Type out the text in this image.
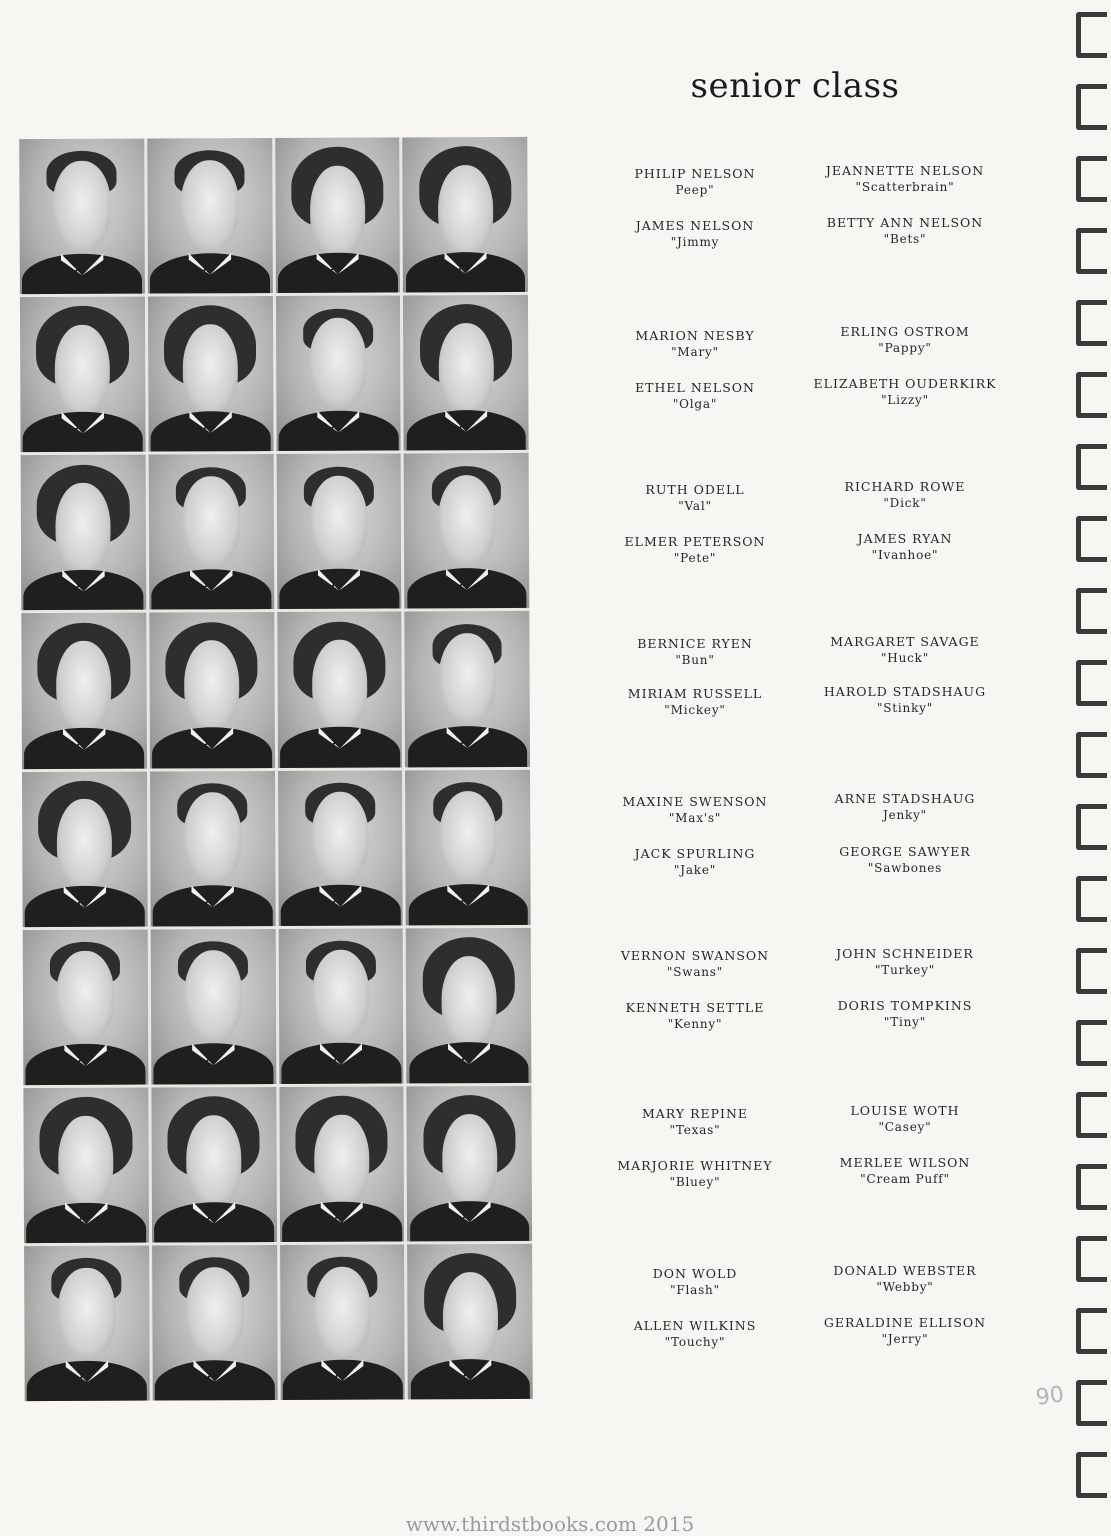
senior class
PHILIP NELSON
Peep"
JAMES NELSON
"Jimmy
JEANNETTE NELSON
"Scatterbrain"
BETTY ANN NELSON
"Bets"
MARION NESBY
"Mary"
ETHEL NELSON
"Olga"
ERLING OSTROM
"Pappy"
ELIZABETH OUDERKIRK
"Lizzy"
RUTH ODELL
"Val"
ELMER PETERSON
"Pete"
RICHARD ROWE
"Dick"
JAMES RYAN
"Ivanhoe"
BERNICE RYEN
"Bun"
MIRIAM RUSSELL
"Mickey"
MARGARET SAVAGE
"Huck"
HAROLD STADSHAUG
"Stinky"
MAXINE SWENSON
"Max's"
JACK SPURLING
"Jake"
ARNE STADSHAUG
Jenky"
GEORGE SAWYER
"Sawbones
VERNON SWANSON
"Swans"
KENNETH SETTLE
"Kenny"
JOHN SCHNEIDER
"Turkey"
DORIS TOMPKINS
"Tiny"
MARY REPINE
"Texas"
MARJORIE WHITNEY
"Bluey"
LOUISE WOTH
"Casey"
MERLEE WILSON
"Cream Puff"
DON WOLD
"Flash"
ALLEN WILKINS
"Touchy"
DONALD WEBSTER
"Webby"
GERALDINE ELLISON
"Jerry"
90
www.thirdstbooks.com 2015
